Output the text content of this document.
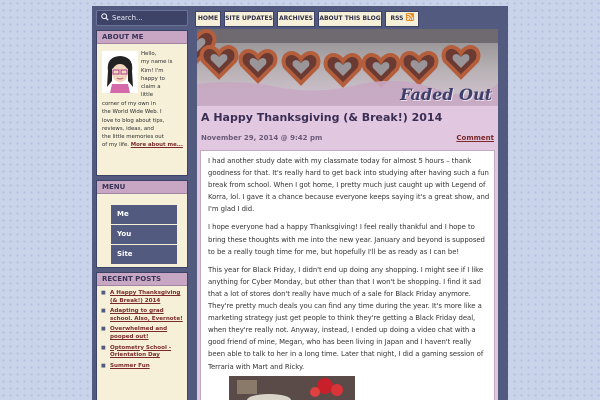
Search...
ABOUT ME
Hello,
my name is
Kim! I'm
happy to
claim a
little
corner of my own in
the World Wide Web. I
love to blog about tips,
reviews, ideas, and
the little memories out
of my life. More about me...
MENU
Me
You
Site
RECENT POSTS
■ A Happy Thanksgiving (& Break!) 2014
■ Adapting to grad school. Also, Evernote!
■ Overwhelmed and pooped out!
■ Optometry School - Orientation Day
■ Summer Fun
HOME	SITE UPDATES	ARCHIVES	ABOUT THIS BLOG	RSS
Faded Out
A Happy Thanksgiving (& Break!) 2014
November 29, 2014 @ 9:42 pm	Comment

I had another study date with my classmate today for almost 5 hours – thank goodness for that. It's really hard to get back into studying after having such a fun break from school. When I got home, I pretty much just caught up with Legend of Korra, lol. I gave it a chance because everyone keeps saying it's a great show, and I'm glad I did.

I hope everyone had a happy Thanksgiving! I feel really thankful and I hope to bring these thoughts with me into the new year. January and beyond is supposed to be a really tough time for me, but hopefully I'll be as ready as I can be!

This year for Black Friday, I didn't end up doing any shopping. I might see if I like anything for Cyber Monday, but other than that I won't be shopping. I find it sad that a lot of stores don't really have much of a sale for Black Friday anymore. They're pretty much deals you can find any time during the year. It's more like a marketing strategy just get people to think they're getting a Black Friday deal, when they're really not. Anyway, instead, I ended up doing a video chat with a good friend of mine, Megan, who has been living in Japan and I haven't really been able to talk to her in a long time. Later that night, I did a gaming session of Terraria with Mart and Ricky.
